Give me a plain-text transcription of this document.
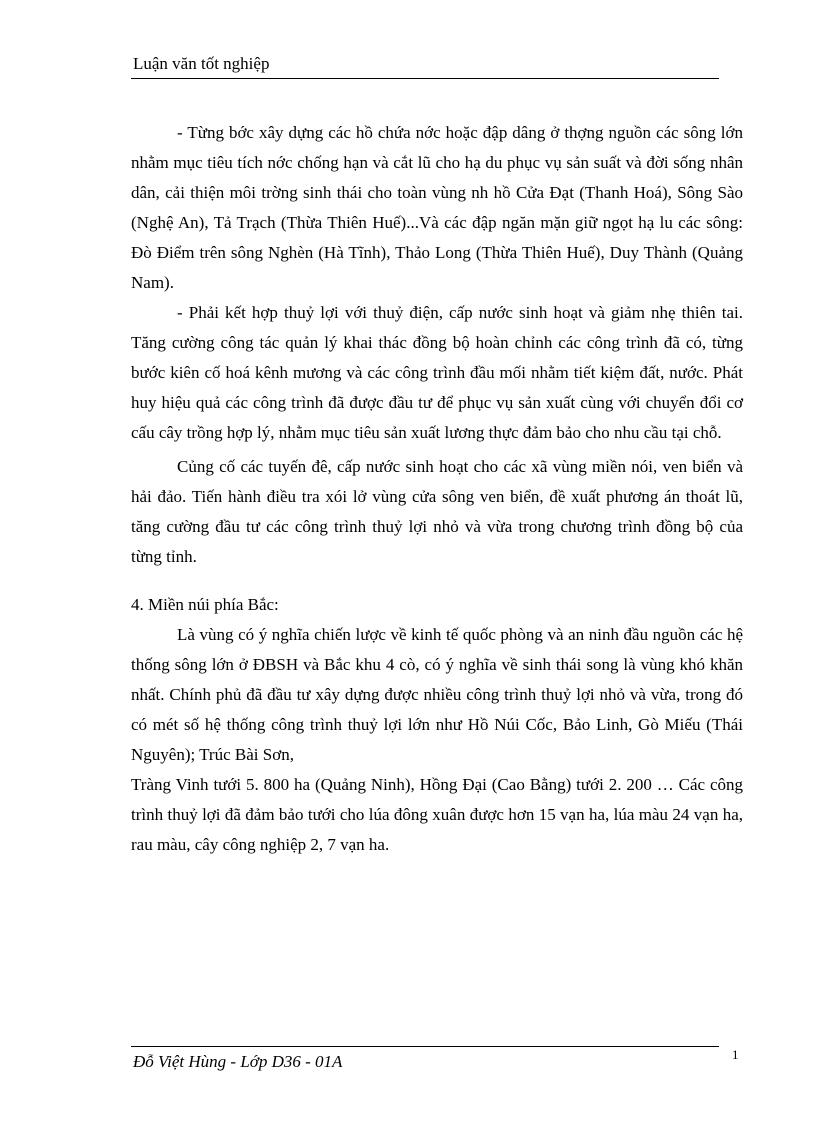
Luận văn tốt nghiệp

- Từng bớc xây dựng các hồ chứa nớc hoặc đập dâng ở thợng nguồn các sông lớn nhằm mục tiêu tích nớc chống hạn và cắt lũ cho hạ du phục vụ sản suất và đời sống nhân dân, cải thiện môi trờng sinh thái cho toàn vùng nh hồ Cửa Đạt (Thanh Hoá), Sông Sào (Nghệ An), Tả Trạch (Thừa Thiên Huế)...Và các đập ngăn mặn giữ ngọt hạ lu các sông: Đò Điểm trên sông Nghèn (Hà Tĩnh), Thảo Long (Thừa Thiên Huế), Duy Thành (Quảng Nam).

- Phải kết hợp thuỷ lợi với thuỷ điện, cấp nước sinh hoạt và giảm nhẹ thiên tai. Tăng cường công tác quản lý khai thác đồng bộ hoàn chỉnh các công trình đã có, từng bước kiên cố hoá kênh mương và các công trình đầu mối nhằm tiết kiệm đất, nước. Phát huy hiệu quả các công trình đã được đầu tư để phục vụ sản xuất cùng với chuyển đổi cơ cấu cây trồng hợp lý, nhằm mục tiêu sản xuất lương thực đảm bảo cho nhu cầu tại chỗ.

Củng cố các tuyến đê, cấp nước sinh hoạt cho các xã vùng miền nói, ven biển và hải đảo. Tiến hành điều tra xói lở vùng cửa sông ven biển, đề xuất phương án thoát lũ, tăng cường đầu tư các công trình thuỷ lợi nhỏ và vừa trong chương trình đồng bộ của từng tỉnh.

4. Miền núi phía Bắc:

Là vùng có ý nghĩa chiến lược về kinh tế quốc phòng và an ninh đầu nguồn các hệ thống sông lớn ở ĐBSH và Bắc khu 4 cò, có ý nghĩa về sinh thái song là vùng khó khăn nhất. Chính phủ đã đầu tư xây dựng được nhiều công trình thuỷ lợi nhỏ và vừa, trong đó có mét số hệ thống công trình thuỷ lợi lớn như Hồ Núi Cốc, Bảo Linh, Gò Miếu (Thái Nguyên); Trúc Bài Sơn,

Tràng Vinh tưới 5. 800 ha (Quảng Ninh), Hồng Đại (Cao Bằng) tưới 2. 200 … Các công trình thuỷ lợi đã đảm bảo tưới cho lúa đông xuân được hơn 15 vạn ha, lúa màu 24 vạn ha, rau màu, cây công nghiệp 2, 7 vạn ha.

Đỗ Việt Hùng - Lớp D36 - 01A	1
